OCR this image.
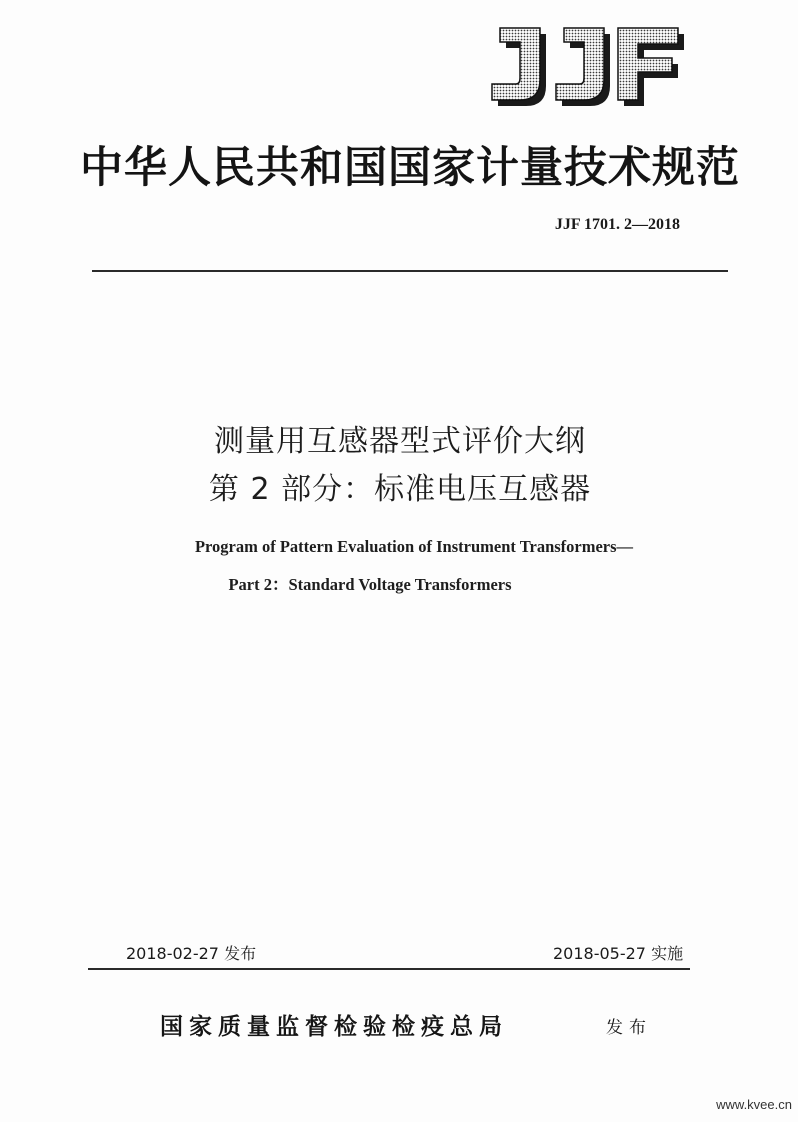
中华人民共和国国家计量技术规范
JJF 1701. 2—2018
测量用互感器型式评价大纲
第 2 部分：标准电压互感器
Program of Pattern Evaluation of Instrument Transformers—
Part 2：Standard Voltage Transformers
2018-02-27 发布	2018-05-27 实施
国家质量监督检验检疫总局	发布
www.kvee.cn
